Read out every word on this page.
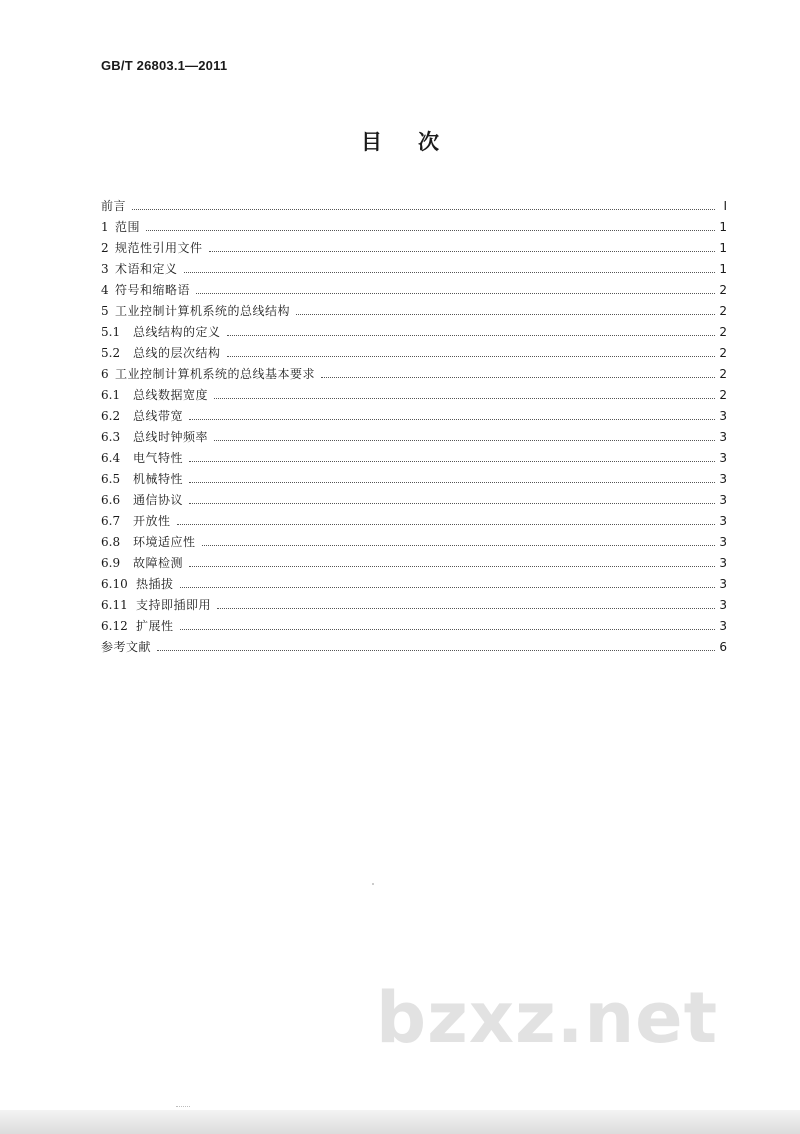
GB/T 26803.1—2011
目次
前言	Ⅰ
1 范围	1
2 规范性引用文件	1
3 术语和定义	1
4 符号和缩略语	2
5 工业控制计算机系统的总线结构	2
5.1	总线结构的定义	2
5.2	总线的层次结构	2
6 工业控制计算机系统的总线基本要求	2
6.1	总线数据宽度	2
6.2	总线带宽	3
6.3	总线时钟频率	3
6.4	电气特性	3
6.5	机械特性	3
6.6	通信协议	3
6.7	开放性	3
6.8	环境适应性	3
6.9	故障检测	3
6.10 热插拔	3
6.11 支持即插即用	3
6.12 扩展性	3
参考文献	6
bzxz.net
